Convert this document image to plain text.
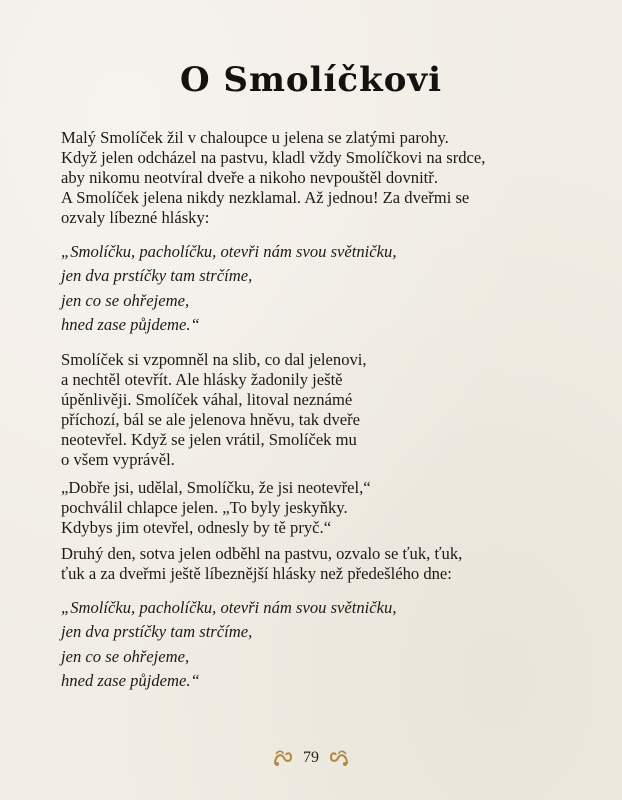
O Smolíčkovi

Malý Smolíček žil v chaloupce u jelena se zlatými parohy.
Když jelen odcházel na pastvu, kladl vždy Smolíčkovi na srdce,
aby nikomu neotvíral dveře a nikoho nevpouštěl dovnitř.
A Smolíček jelena nikdy nezklamal. Až jednou! Za dveřmi se
ozvaly líbezné hlásky:

„Smolíčku, pacholíčku, otevři nám svou světničku,
jen dva prstíčky tam strčíme,
jen co se ohřejeme,
hned zase půjdeme.“

Smolíček si vzpomněl na slib, co dal jelenovi,
a nechtěl otevřít. Ale hlásky žadonily ještě
úpěnlivěji. Smolíček váhal, litoval neznámé
příchozí, bál se ale jelenova hněvu, tak dveře
neotevřel. Když se jelen vrátil, Smolíček mu
o všem vyprávěl.

„Dobře jsi, udělal, Smolíčku, že jsi neotevřel,“
pochválil chlapce jelen. „To byly jeskyňky.
Kdybys jim otevřel, odnesly by tě pryč.“

Druhý den, sotva jelen odběhl na pastvu, ozvalo se ťuk, ťuk,
ťuk a za dveřmi ještě líbeznější hlásky než předešlého dne:

„Smolíčku, pacholíčku, otevři nám svou světničku,
jen dva prstíčky tam strčíme,
jen co se ohřejeme,
hned zase půjdeme.“

79
